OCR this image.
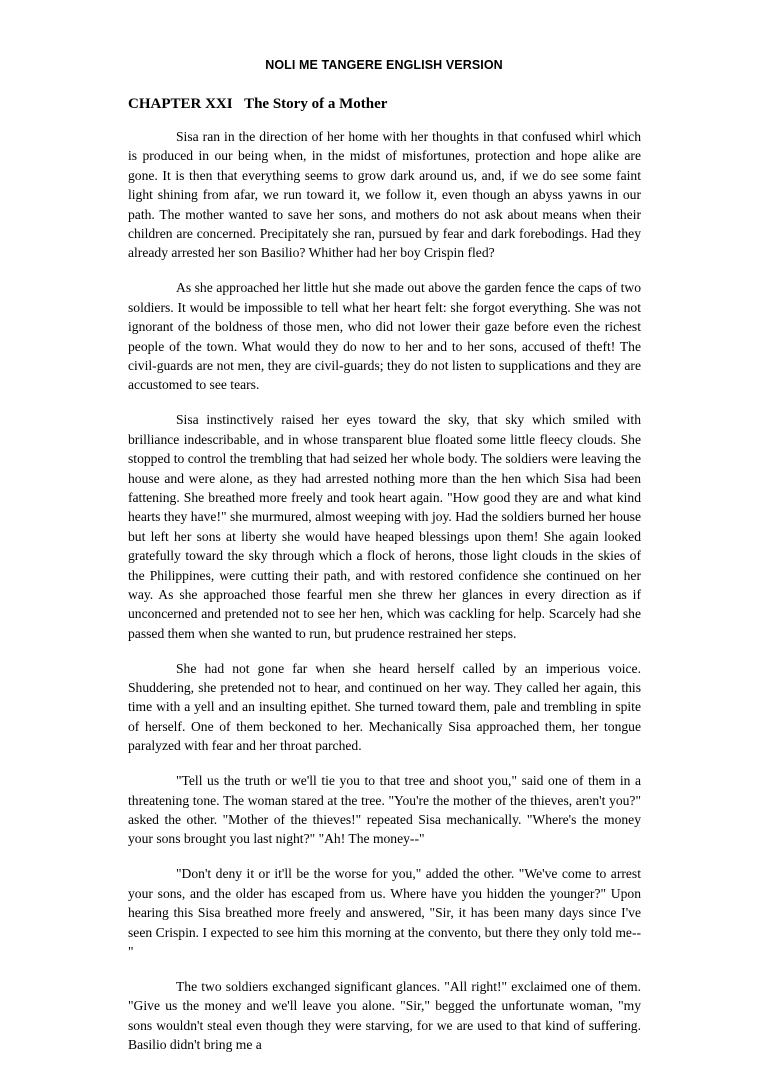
NOLI ME TANGERE ENGLISH VERSION
CHAPTER XXI The Story of a Mother

Sisa ran in the direction of her home with her thoughts in that confused whirl which is produced in our being when, in the midst of misfortunes, protection and hope alike are gone. It is then that everything seems to grow dark around us, and, if we do see some faint light shining from afar, we run toward it, we follow it, even though an abyss yawns in our path. The mother wanted to save her sons, and mothers do not ask about means when their children are concerned. Precipitately she ran, pursued by fear and dark forebodings. Had they already arrested her son Basilio? Whither had her boy Crispin fled?

As she approached her little hut she made out above the garden fence the caps of two soldiers. It would be impossible to tell what her heart felt: she forgot everything. She was not ignorant of the boldness of those men, who did not lower their gaze before even the richest people of the town. What would they do now to her and to her sons, accused of theft! The civil-guards are not men, they are civil-guards; they do not listen to supplications and they are accustomed to see tears.

Sisa instinctively raised her eyes toward the sky, that sky which smiled with brilliance indescribable, and in whose transparent blue floated some little fleecy clouds. She stopped to control the trembling that had seized her whole body. The soldiers were leaving the house and were alone, as they had arrested nothing more than the hen which Sisa had been fattening. She breathed more freely and took heart again. "How good they are and what kind hearts they have!" she murmured, almost weeping with joy. Had the soldiers burned her house but left her sons at liberty she would have heaped blessings upon them! She again looked gratefully toward the sky through which a flock of herons, those light clouds in the skies of the Philippines, were cutting their path, and with restored confidence she continued on her way. As she approached those fearful men she threw her glances in every direction as if unconcerned and pretended not to see her hen, which was cackling for help. Scarcely had she passed them when she wanted to run, but prudence restrained her steps.

She had not gone far when she heard herself called by an imperious voice. Shuddering, she pretended not to hear, and continued on her way. They called her again, this time with a yell and an insulting epithet. She turned toward them, pale and trembling in spite of herself. One of them beckoned to her. Mechanically Sisa approached them, her tongue paralyzed with fear and her throat parched.

"Tell us the truth or we'll tie you to that tree and shoot you," said one of them in a threatening tone. The woman stared at the tree. "You're the mother of the thieves, aren't you?" asked the other. "Mother of the thieves!" repeated Sisa mechanically. "Where's the money your sons brought you last night?" "Ah! The money--"

"Don't deny it or it'll be the worse for you," added the other. "We've come to arrest your sons, and the older has escaped from us. Where have you hidden the younger?" Upon hearing this Sisa breathed more freely and answered, "Sir, it has been many days since I've seen Crispin. I expected to see him this morning at the convento, but there they only told me--"

The two soldiers exchanged significant glances. "All right!" exclaimed one of them. "Give us the money and we'll leave you alone. "Sir," begged the unfortunate woman, "my sons wouldn't steal even though they were starving, for we are used to that kind of suffering. Basilio didn't bring me a
